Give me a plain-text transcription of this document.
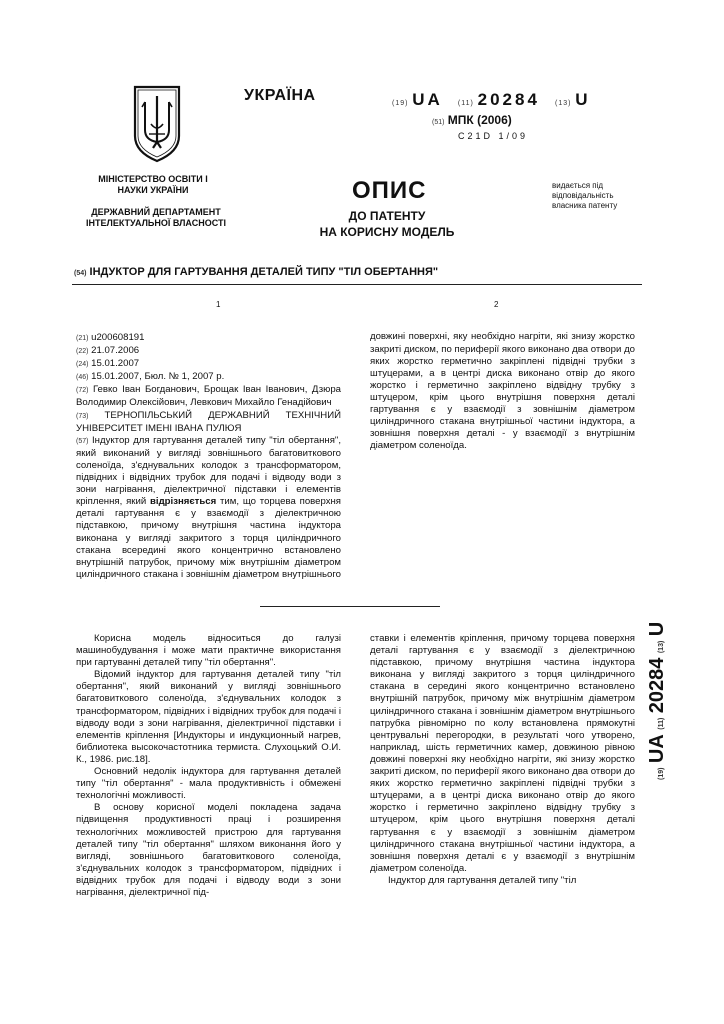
УКРАЇНА	(19) UA (11) 20284 (13) U
(51) МПК (2006)
C21D 1/09
МІНІСТЕРСТВО ОСВІТИ І НАУКИ УКРАЇНИ
ДЕРЖАВНИЙ ДЕПАРТАМЕНТ ІНТЕЛЕКТУАЛЬНОЇ ВЛАСНОСТІ
ОПИС
ДО ПАТЕНТУ
НА КОРИСНУ МОДЕЛЬ
видається під відповідальність власника патенту
(54) ІНДУКТОР ДЛЯ ГАРТУВАННЯ ДЕТАЛЕЙ ТИПУ "ТІЛ ОБЕРТАННЯ"
1	2
(21) u200608191
(22) 21.07.2006
(24) 15.01.2007
(46) 15.01.2007, Бюл. № 1, 2007 р.
(72) Гевко Іван Богданович, Брощак Іван Іванович, Дзюра Володимир Олексійович, Левкович Михайло Генадійович
(73) ТЕРНОПІЛЬСЬКИЙ ДЕРЖАВНИЙ ТЕХНІЧНИЙ УНІВЕРСИТЕТ ІМЕНІ ІВАНА ПУЛЮЯ
(57) Індуктор для гартування деталей типу "тіл обертання", який виконаний у вигляді зовнішнього багатовиткового соленоїда, з'єднувальних колодок з трансформатором, підвідних і відвідних трубок для подачі і відводу води з зони нагрівання, діелектричної підставки і елементів кріплення, який відрізняється тим, що торцева поверхня деталі гартування є у взаємодії з діелектричною підставкою, причому внутрішня частина індуктора виконана у вигляді закритого з торця циліндричного стакана всередині якого концентрично встановлено внутрішній патрубок, причому між внутрішнім діаметром циліндричного стакана і зовнішнім діаметром внутрішнього
довжині поверхні, яку необхідно нагріти, які знизу жорстко закриті диском, по периферії якого виконано два отвори до яких жорстко герметично закріплені підвідні трубки з штуцерами, а в центрі диска виконано отвір до якого жорстко і герметично закріплено відвідну трубку з штуцером, крім цього внутрішня поверхня деталі гартування є у взаємодії з зовнішнім діаметром циліндричного стакана внутрішньої частини індуктора, а зовнішня поверхня деталі - у взаємодії з внутрішнім діаметром соленоїда.

Корисна модель відноситься до галузі машинобудування і може мати практичне використання при гартуванні деталей типу "тіл обертання".

Відомий індуктор для гартування деталей типу "тіл обертання", який виконаний у вигляді зовнішнього багатовиткового соленоїда, з'єднувальних колодок з трансформатором, підвідних і відвідних трубок для подачі і відводу води з зони нагрівання, діелектричної підставки і елементів кріплення [Индукторы и индукционный нагрев, библиотека высокочастотника термиста. Слухоцький О.И. К., 1986. рис.18].

Основний недолік індуктора для гартування деталей типу "тіл обертання" - мала продуктивність і обмежені технологічні можливості.

В основу корисної моделі покладена задача підвищення продуктивності праці і розширення технологічних можливостей пристрою для гартування деталей типу "тіл обертання" шляхом виконання його у вигляді, зовнішнього багатовиткового соленоїда, з'єднувальних колодок з трансформатором, підвідних і відвідних трубок для подачі і відводу води з зони нагрівання, діелектричної під-

ставки і елементів кріплення, причому торцева поверхня деталі гартування є у взаємодії з діелектричною підставкою, причому внутрішня частина індуктора виконана у вигляді закритого з торця циліндричного стакана в середині якого концентрично встановлено внутрішній патрубок, причому між внутрішнім діаметром циліндричного стакана і зовнішнім діаметром внутрішнього патрубка рівномірно по колу встановлена прямокутні центрувальні перегородки, в результаті чого утворено, наприклад, шість герметичних камер, довжиною рівною довжині поверхні яку необхідно нагріти, які знизу жорстко закриті диском, по периферії якого виконано два отвори до яких жорстко герметично закріплені підвідні трубки з штуцерами, а в центрі диска виконано отвір до якого жорстко і герметично закріплено відвідну трубку з штуцером, крім цього внутрішня поверхня деталі гартування є у взаємодії з зовнішнім діаметром циліндричного стакана внутрішньої частини індуктора, а зовнішня поверхня деталі є у взаємодії з внутрішнім діаметром соленоїда.

Індуктор для гартування деталей типу "тіл

(19) UA (11) 20284 (13) U
